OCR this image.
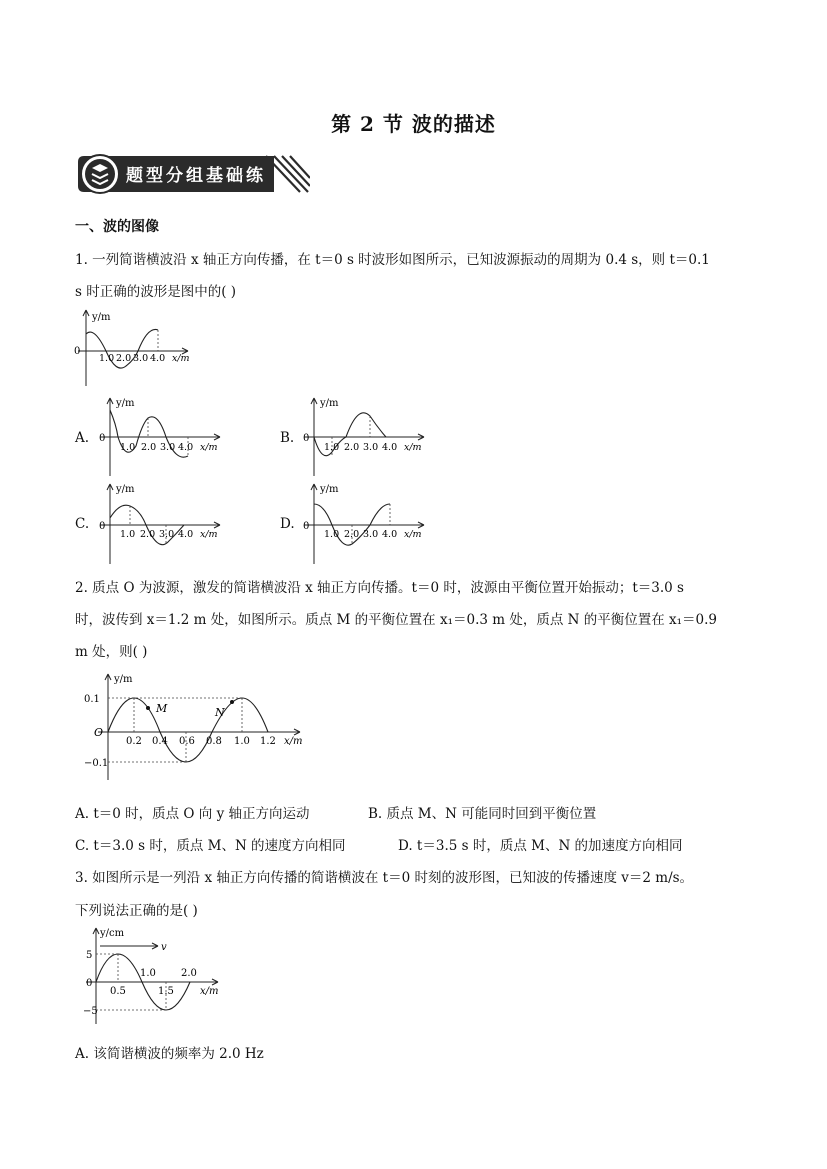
第 2 节 波的描述
题型分组基础练
一、波的图像
1. 一列简谐横波沿 x 轴正方向传播，在 t＝0 s 时波形如图所示，已知波源振动的周期为 0.4 s，则 t＝0.1
s 时正确的波形是图中的( )
y/m
0
1.0 2.0 3.0 4.0 x/m
A.
y/m
0
1.0 2.0 3.0 4.0 x/m
B.
y/m
0
1.0 2.0 3.0 4.0 x/m
C.
y/m
0
1.0 2.0 3.0 4.0 x/m
D.
y/m
0
1.0 2.0 3.0 4.0 x/m
2. 质点 O 为波源，激发的简谐横波沿 x 轴正方向传播。t＝0 时，波源由平衡位置开始振动；t＝3.0 s
时，波传到 x＝1.2 m 处，如图所示。质点 M 的平衡位置在 x₁＝0.3 m 处，质点 N 的平衡位置在 x₁＝0.9
m 处，则( )
y/m
0.1
−0.1
O
M	N
0.2 0.4 0.6 0.8 1.0 1.2 x/m
A. t＝0 时，质点 O 向 y 轴正方向运动	B. 质点 M、N 可能同时回到平衡位置
C. t＝3.0 s 时，质点 M、N 的速度方向相同	D. t＝3.5 s 时，质点 M、N 的加速度方向相同
3. 如图所示是一列沿 x 轴正方向传播的简谐横波在 t＝0 时刻的波形图，已知波的传播速度 v＝2 m/s。
下列说法正确的是( )
y/cm
5
−5
0
v
1.0	2.0
0.5	1.5	x/m
A. 该简谐横波的频率为 2.0 Hz
